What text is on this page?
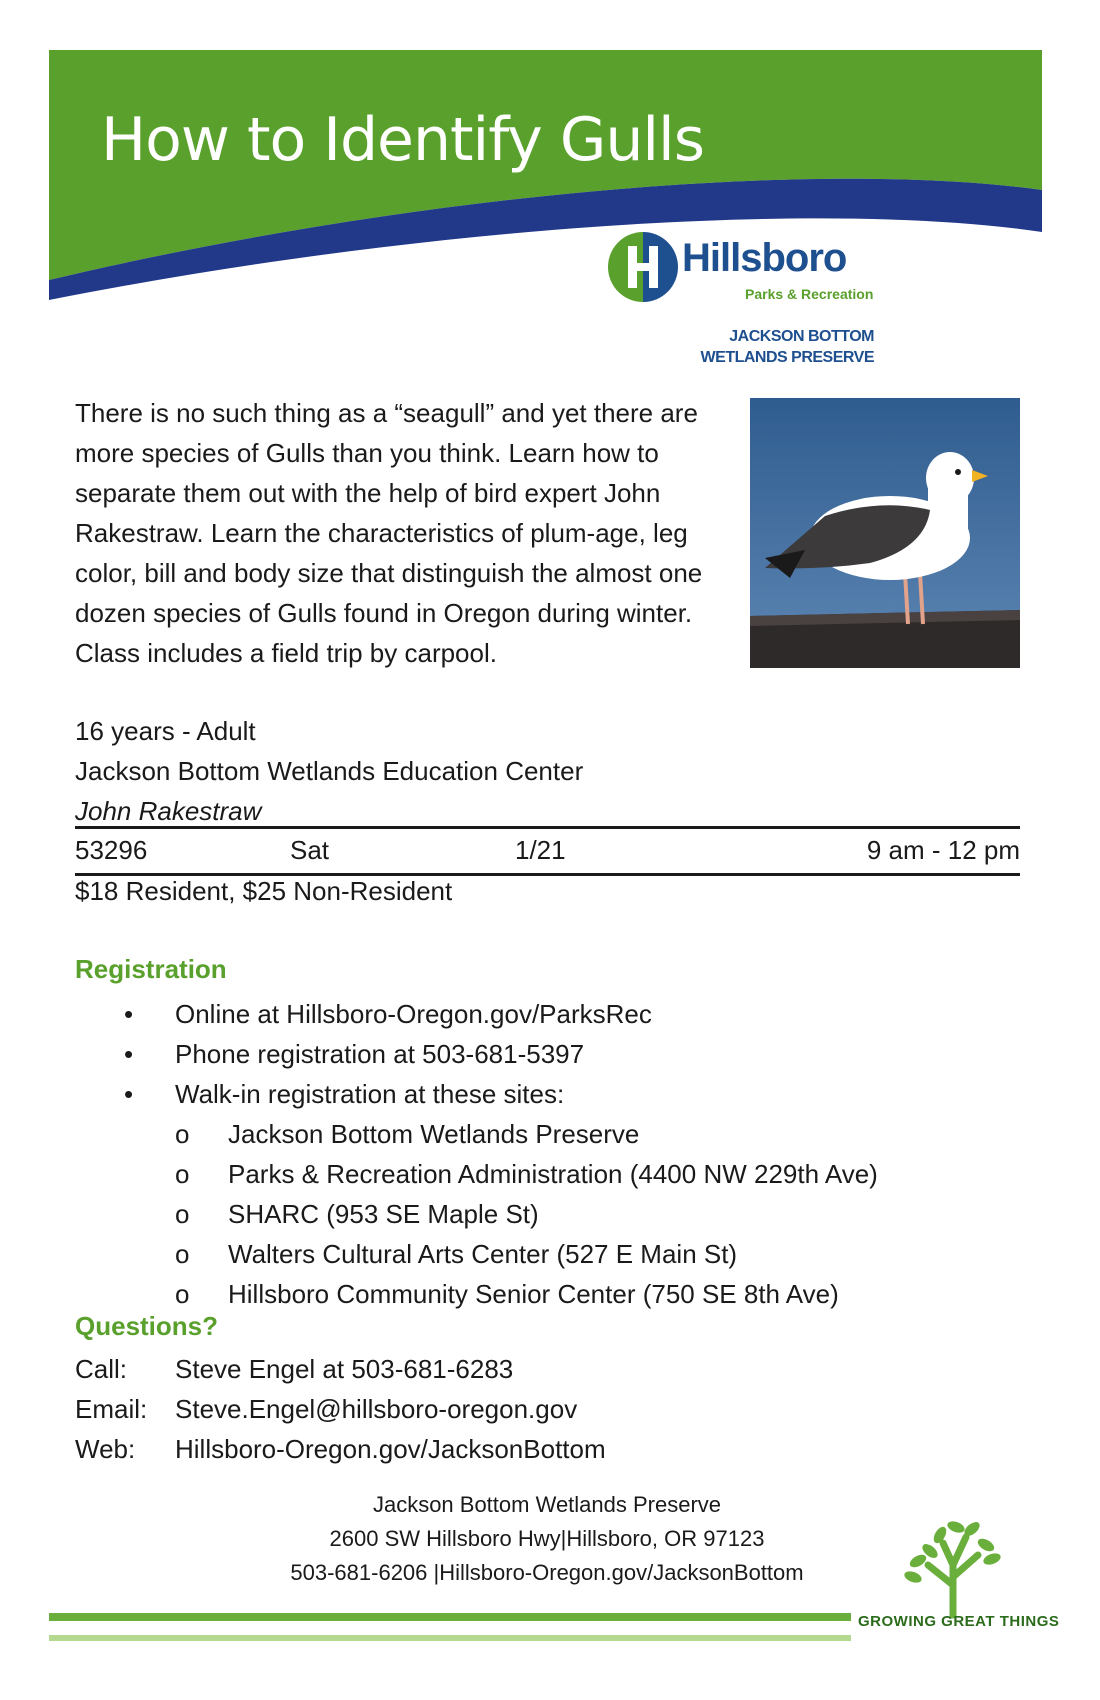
How to Identify Gulls
Hillsboro
Parks & Recreation
JACKSON BOTTOM
WETLANDS PRESERVE

There is no such thing as a “seagull” and yet there are more species of Gulls than you think. Learn how to separate them out with the help of bird expert John Rakestraw. Learn the characteristics of plum-age, leg color, bill and body size that distinguish the almost one dozen species of Gulls found in Oregon during winter. Class includes a field trip by carpool.

16 years - Adult
Jackson Bottom Wetlands Education Center
John Rakestraw
53296	Sat	1/21	9 am - 12 pm
$18 Resident, $25 Non-Resident
Registration
• Online at Hillsboro-Oregon.gov/ParksRec
• Phone registration at 503-681-5397
• Walk-in registration at these sites:
o Jackson Bottom Wetlands Preserve
o Parks & Recreation Administration (4400 NW 229th Ave)
o SHARC (953 SE Maple St)
o Walters Cultural Arts Center (527 E Main St)
o Hillsboro Community Senior Center (750 SE 8th Ave)
Questions?
Call:	Steve Engel at 503-681-6283
Email:	Steve.Engel@hillsboro-oregon.gov
Web:	Hillsboro-Oregon.gov/JacksonBottom
Jackson Bottom Wetlands Preserve
2600 SW Hillsboro Hwy|Hillsboro, OR 97123
503-681-6206 |Hillsboro-Oregon.gov/JacksonBottom
GROWING GREAT THINGS
